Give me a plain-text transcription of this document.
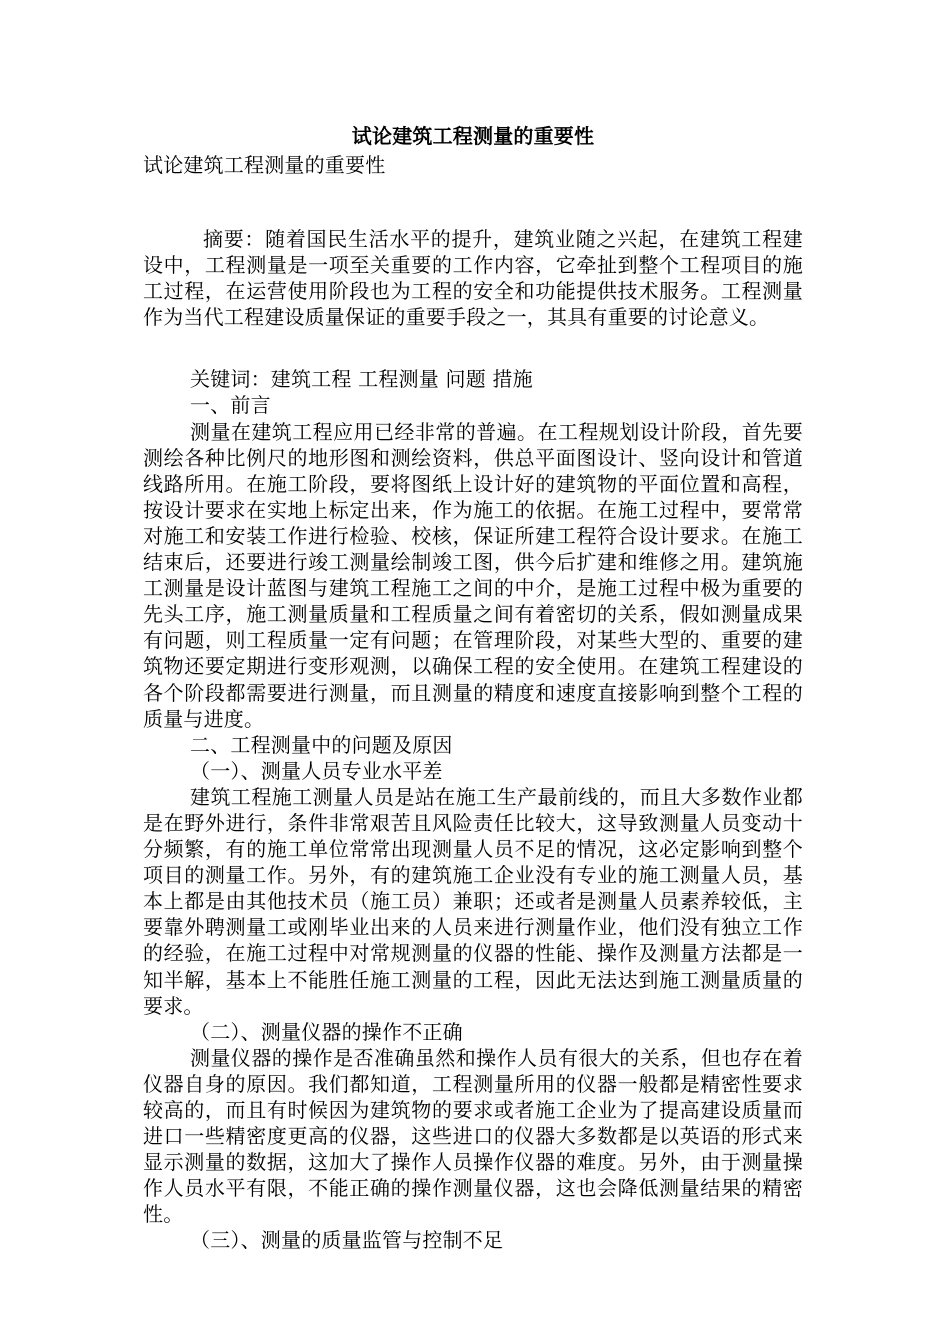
试论建筑工程测量的重要性

试论建筑工程测量的重要性

摘要：随着国民生活水平的提升，建筑业随之兴起，在建筑工程建设中，工程测量是一项至关重要的工作内容，它牵扯到整个工程项目的施工过程，在运营使用阶段也为工程的安全和功能提供技术服务。工程测量作为当代工程建设质量保证的重要手段之一，其具有重要的讨论意义。

关键词：建筑工程 工程测量 问题 措施

一、前言

测量在建筑工程应用已经非常的普遍。在工程规划设计阶段，首先要测绘各种比例尺的地形图和测绘资料，供总平面图设计、竖向设计和管道线路所用。在施工阶段，要将图纸上设计好的建筑物的平面位置和高程，按设计要求在实地上标定出来，作为施工的依据。在施工过程中，要常常对施工和安装工作进行检验、校核，保证所建工程符合设计要求。在施工结束后，还要进行竣工测量绘制竣工图，供今后扩建和维修之用。建筑施工测量是设计蓝图与建筑工程施工之间的中介，是施工过程中极为重要的先头工序，施工测量质量和工程质量之间有着密切的关系，假如测量成果有问题，则工程质量一定有问题；在管理阶段，对某些大型的、重要的建筑物还要定期进行变形观测，以确保工程的安全使用。在建筑工程建设的各个阶段都需要进行测量，而且测量的精度和速度直接影响到整个工程的质量与进度。

二、工程测量中的问题及原因

（一）、测量人员专业水平差

建筑工程施工测量人员是站在施工生产最前线的，而且大多数作业都是在野外进行，条件非常艰苦且风险责任比较大，这导致测量人员变动十分频繁，有的施工单位常常出现测量人员不足的情况，这必定影响到整个项目的测量工作。另外，有的建筑施工企业没有专业的施工测量人员，基本上都是由其他技术员（施工员）兼职；还或者是测量人员素养较低，主要靠外聘测量工或刚毕业出来的人员来进行测量作业，他们没有独立工作的经验，在施工过程中对常规测量的仪器的性能、操作及测量方法都是一知半解，基本上不能胜任施工测量的工程，因此无法达到施工测量质量的要求。

（二）、测量仪器的操作不正确

测量仪器的操作是否准确虽然和操作人员有很大的关系，但也存在着仪器自身的原因。我们都知道，工程测量所用的仪器一般都是精密性要求较高的，而且有时候因为建筑物的要求或者施工企业为了提高建设质量而进口一些精密度更高的仪器，这些进口的仪器大多数都是以英语的形式来显示测量的数据，这加大了操作人员操作仪器的难度。另外，由于测量操作人员水平有限，不能正确的操作测量仪器，这也会降低测量结果的精密性。

（三）、测量的质量监管与控制不足
